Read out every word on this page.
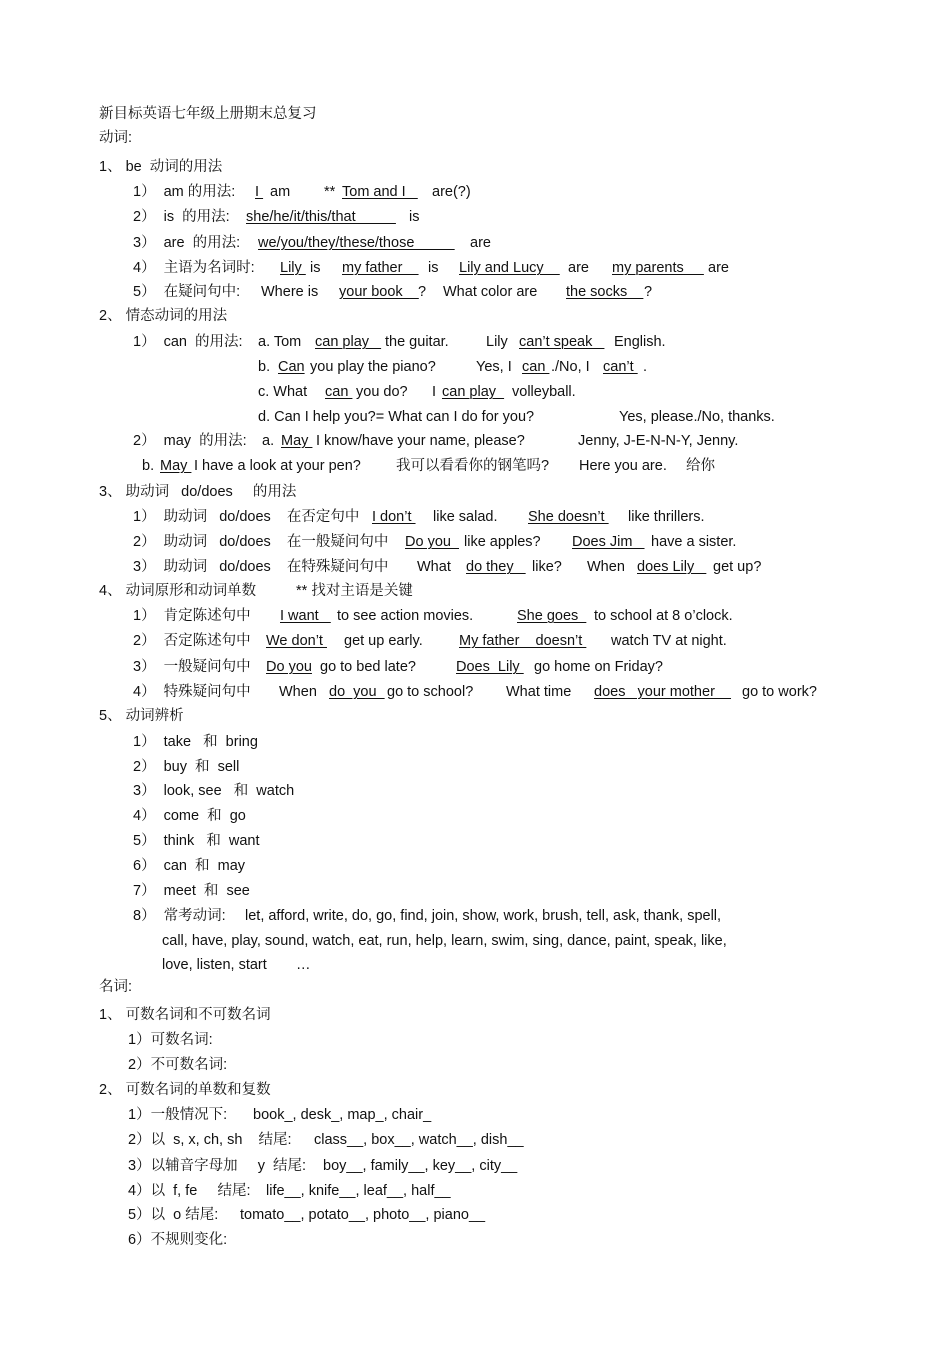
新目标英语七年级上册期末总复习
动词:
1、 be  动词的用法
1）  am 的用法: I am ** Tom and I are(?)
2）  is  的用法: she/he/it/this/that is
3）  are  的用法: we/you/they/these/those are
4）  主语为名词时: Lily is my father is Lily and Lucy are my parents are
5）  在疑问句中: Where is your book ? What color are the socks ?
2、 情态动词的用法
1）  can  的用法: a. Tom can play the guitar.	Lily can’t speak English.
b. Can you play the piano?	Yes, I can ./No, I can’t .
c. What can you do? I can play volleyball.
d. Can I help you?= What can I do for you?	Yes, please./No, thanks.
2）  may  的用法: a. May I know/have your name, please?	Jenny, J-E-N-N-Y, Jenny.
b. May I have a look at your pen? 我可以看看你的钢笔吗? Here you are. 给你
3、 助动词   do/does     的用法
1）  助动词   do/does    在否定句中 I don’t like salad. She doesn’t like thrillers.
2）  助动词   do/does    在一般疑问句中 Do you like apples? Does Jim have a sister.
3）  助动词   do/does    在特殊疑问句中 What do they like? When does Lily get up?
4、 动词原形和动词单数	** 找对主语是关键
1）  肯定陈述句中 I want to see action movies.	She goes to school at 8 o’clock.
2）  否定陈述句中 We don’t get up early.	My father    doesn’t watch TV at night.
3）  一般疑问句中 Do you go to bed late?	Does  Lily go home on Friday?
4）  特殊疑问句中 When do  you go to school? What time does   your mother go to work?
5、 动词辨析
1）  take   和  bring
2）  buy  和  sell
3）  look, see   和  watch
4）  come  和  go
5）  think   和  want
6）  can  和  may
7）  meet  和  see
8）  常考动词: let, afford, write, do, go, find, join, show, work, brush, tell, ask, thank, spell,
call, have, play, sound, watch, eat, run, help, learn, swim, sing, dance, paint, speak, like,
love, listen, start …
名词:
1、 可数名词和不可数名词
1）可数名词:
2）不可数名词:
2、 可数名词的单数和复数
1）一般情况下: book_, desk_, map_, chair_
2）以  s, x, ch, sh    结尾: class__, box__, watch__, dish__
3）以辅音字母加     y  结尾: boy__, family__, key__, city__
4）以  f, fe     结尾: life__, knife__, leaf__, half__
5）以  o 结尾: tomato__, potato__, photo__, piano__
6）不规则变化:
